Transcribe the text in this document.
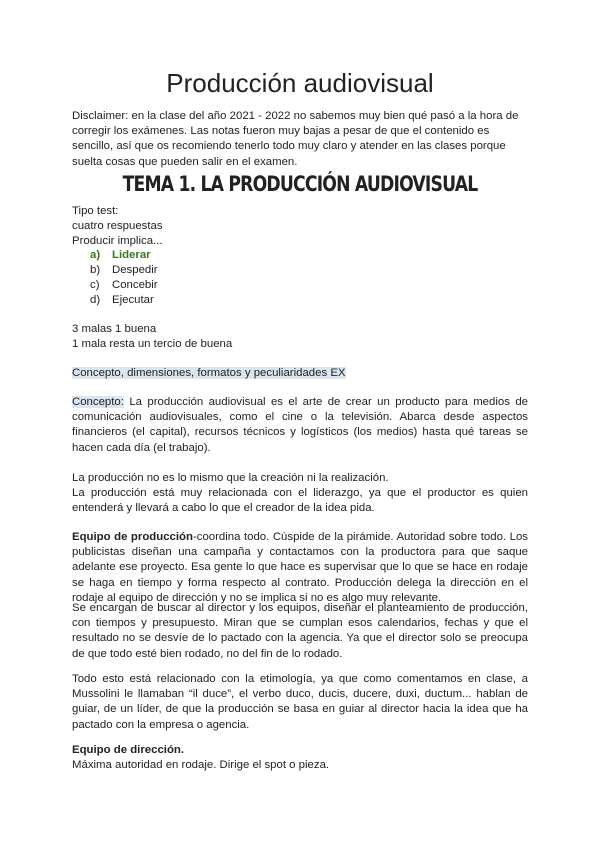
Producción audiovisual

Disclaimer: en la clase del año 2021 - 2022 no sabemos muy bien qué pasó a la hora de corregir los exámenes. Las notas fueron muy bajas a pesar de que el contenido es sencillo, así que os recomiendo tenerlo todo muy claro y atender en las clases porque suelta cosas que pueden salir en el examen.

TEMA 1. LA PRODUCCIÓN AUDIOVISUAL

Tipo test:

cuatro respuestas

Producir implica...

a) Liderar
b) Despedir
c) Concebir
d) Ejecutar

3 malas 1 buena

1 mala resta un tercio de buena

Concepto, dimensiones, formatos y peculiaridades EX

Concepto: La producción audiovisual es el arte de crear un producto para medios de comunicación audiovisuales, como el cine o la televisión. Abarca desde aspectos financieros (el capital), recursos técnicos y logísticos (los medios) hasta qué tareas se hacen cada día (el trabajo).

La producción no es lo mismo que la creación ni la realización.

La producción está muy relacionada con el liderazgo, ya que el productor es quien entenderá y llevará a cabo lo que el creador de la idea pida.

Equipo de producción-coordina todo. Cúspide de la pirámide. Autoridad sobre todo. Los publicistas diseñan una campaña y contactamos con la productora para que saque adelante ese proyecto. Esa gente lo que hace es supervisar que lo que se hace en rodaje se haga en tiempo y forma respecto al contrato. Producción delega la dirección en el rodaje al equipo de dirección y no se implica si no es algo muy relevante.

Se encargan de buscar al director y los equipos, diseñar el planteamiento de producción, con tiempos y presupuesto. Miran que se cumplan esos calendarios, fechas y que el resultado no se desvíe de lo pactado con la agencia. Ya que el director solo se preocupa de que todo esté bien rodado, no del fin de lo rodado.

Todo esto está relacionado con la etimología, ya que como comentamos en clase, a Mussolini le llamaban “il duce”, el verbo duco, ducis, ducere, duxi, ductum... hablan de guiar, de un líder, de que la producción se basa en guiar al director hacia la idea que ha pactado con la empresa o agencia.

Equipo de dirección.

Máxima autoridad en rodaje. Dirige el spot o pieza.
